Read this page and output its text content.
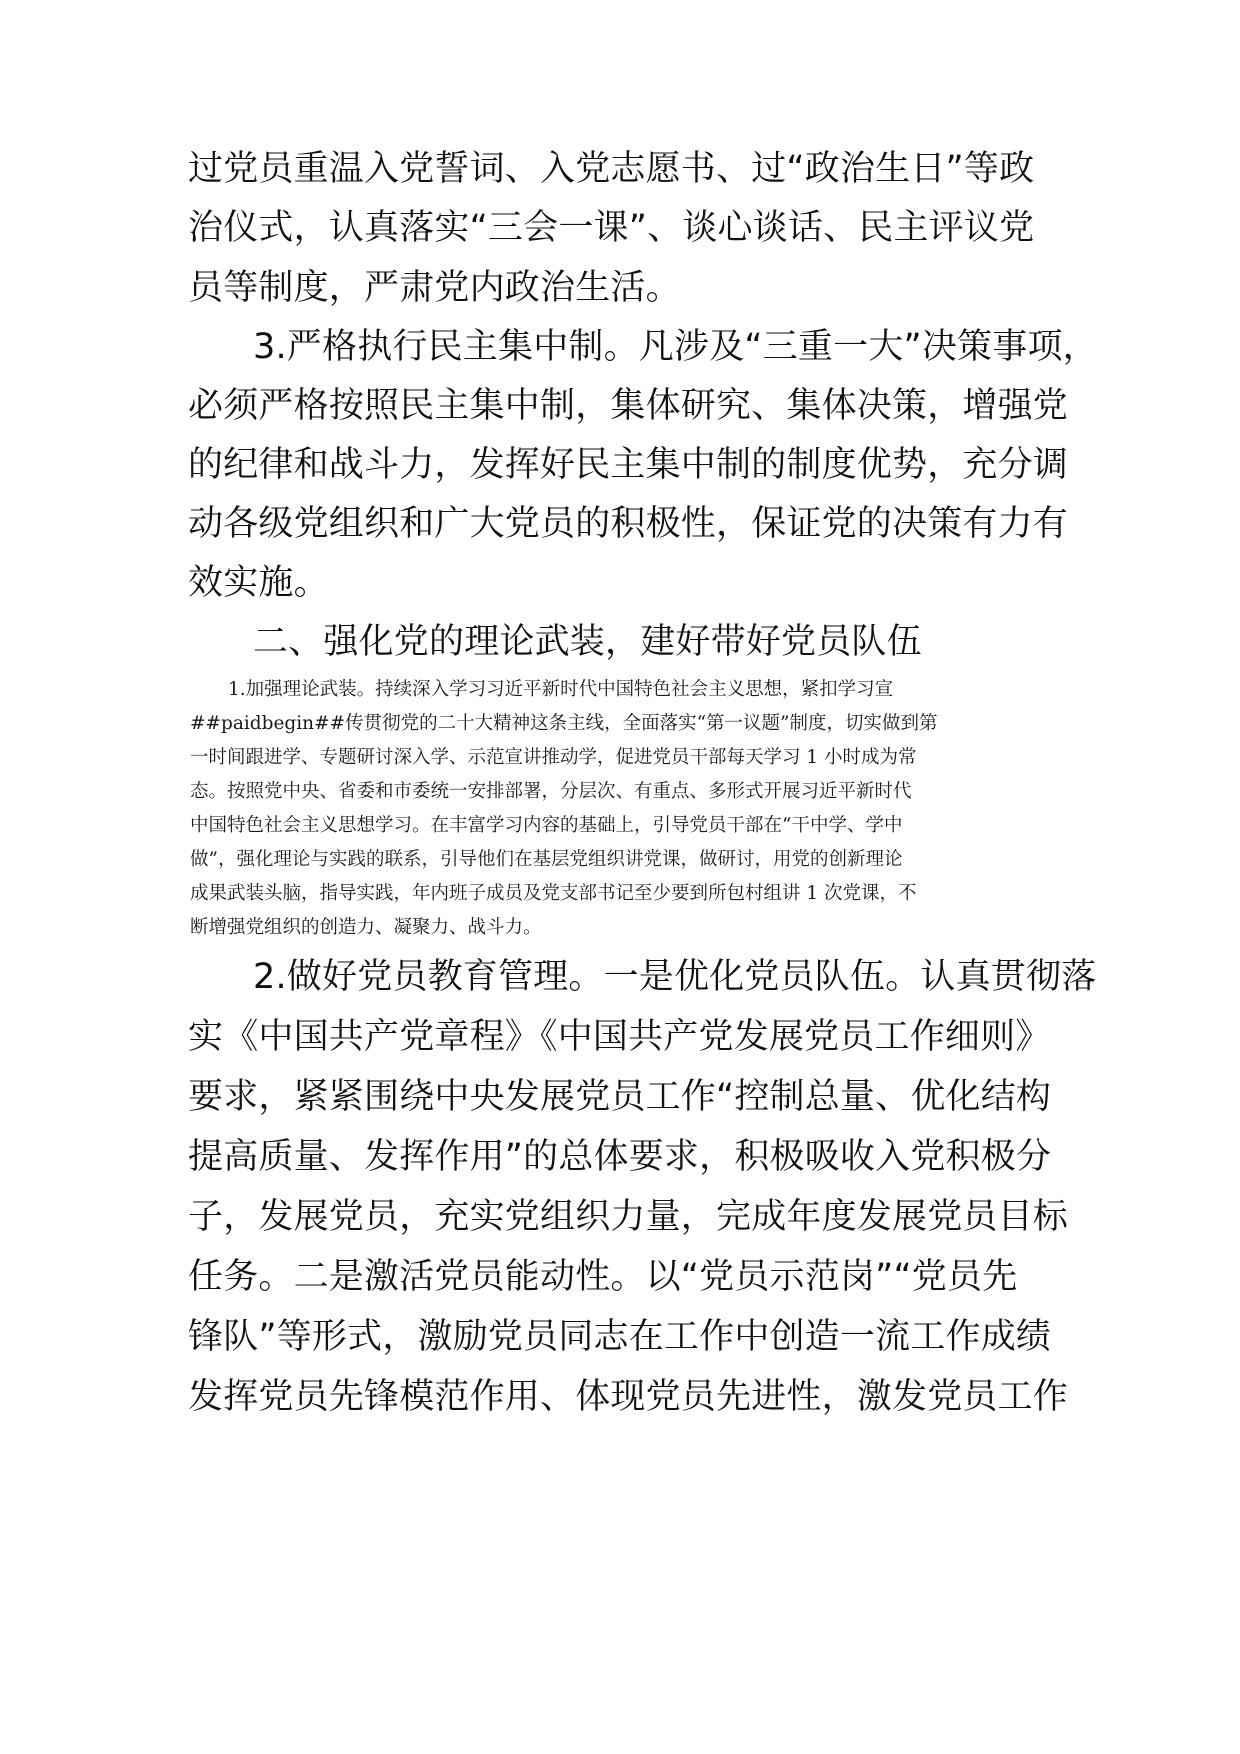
过党员重温入党誓词、入党志愿书、过“政治生日”等政
治仪式，认真落实“三会一课”、谈心谈话、民主评议党
员等制度，严肃党内政治生活。
3.严格执行民主集中制。凡涉及“三重一大”决策事项，
必须严格按照民主集中制，集体研究、集体决策，增强党
的纪律和战斗力，发挥好民主集中制的制度优势，充分调
动各级党组织和广大党员的积极性，保证党的决策有力有
效实施。
二、强化党的理论武装，建好带好党员队伍
1.加强理论武装。持续深入学习习近平新时代中国特色社会主义思想，紧扣学习宣
##paidbegin##传贯彻党的二十大精神这条主线，全面落实“第一议题”制度，切实做到第
一时间跟进学、专题研讨深入学、示范宣讲推动学，促进党员干部每天学习 1 小时成为常
态。按照党中央、省委和市委统一安排部署，分层次、有重点、多形式开展习近平新时代
中国特色社会主义思想学习。在丰富学习内容的基础上，引导党员干部在“干中学、学中
做”，强化理论与实践的联系，引导他们在基层党组织讲党课，做研讨，用党的创新理论
成果武装头脑，指导实践，年内班子成员及党支部书记至少要到所包村组讲 1 次党课，不
断增强党组织的创造力、凝聚力、战斗力。
2.做好党员教育管理。一是优化党员队伍。认真贯彻落
实《中国共产党章程》《中国共产党发展党员工作细则》
要求，紧紧围绕中央发展党员工作“控制总量、优化结构
提高质量、发挥作用”的总体要求，积极吸收入党积极分
子，发展党员，充实党组织力量，完成年度发展党员目标
任务。二是激活党员能动性。以“党员示范岗”“党员先
锋队”等形式，激励党员同志在工作中创造一流工作成绩
发挥党员先锋模范作用、体现党员先进性，激发党员工作
